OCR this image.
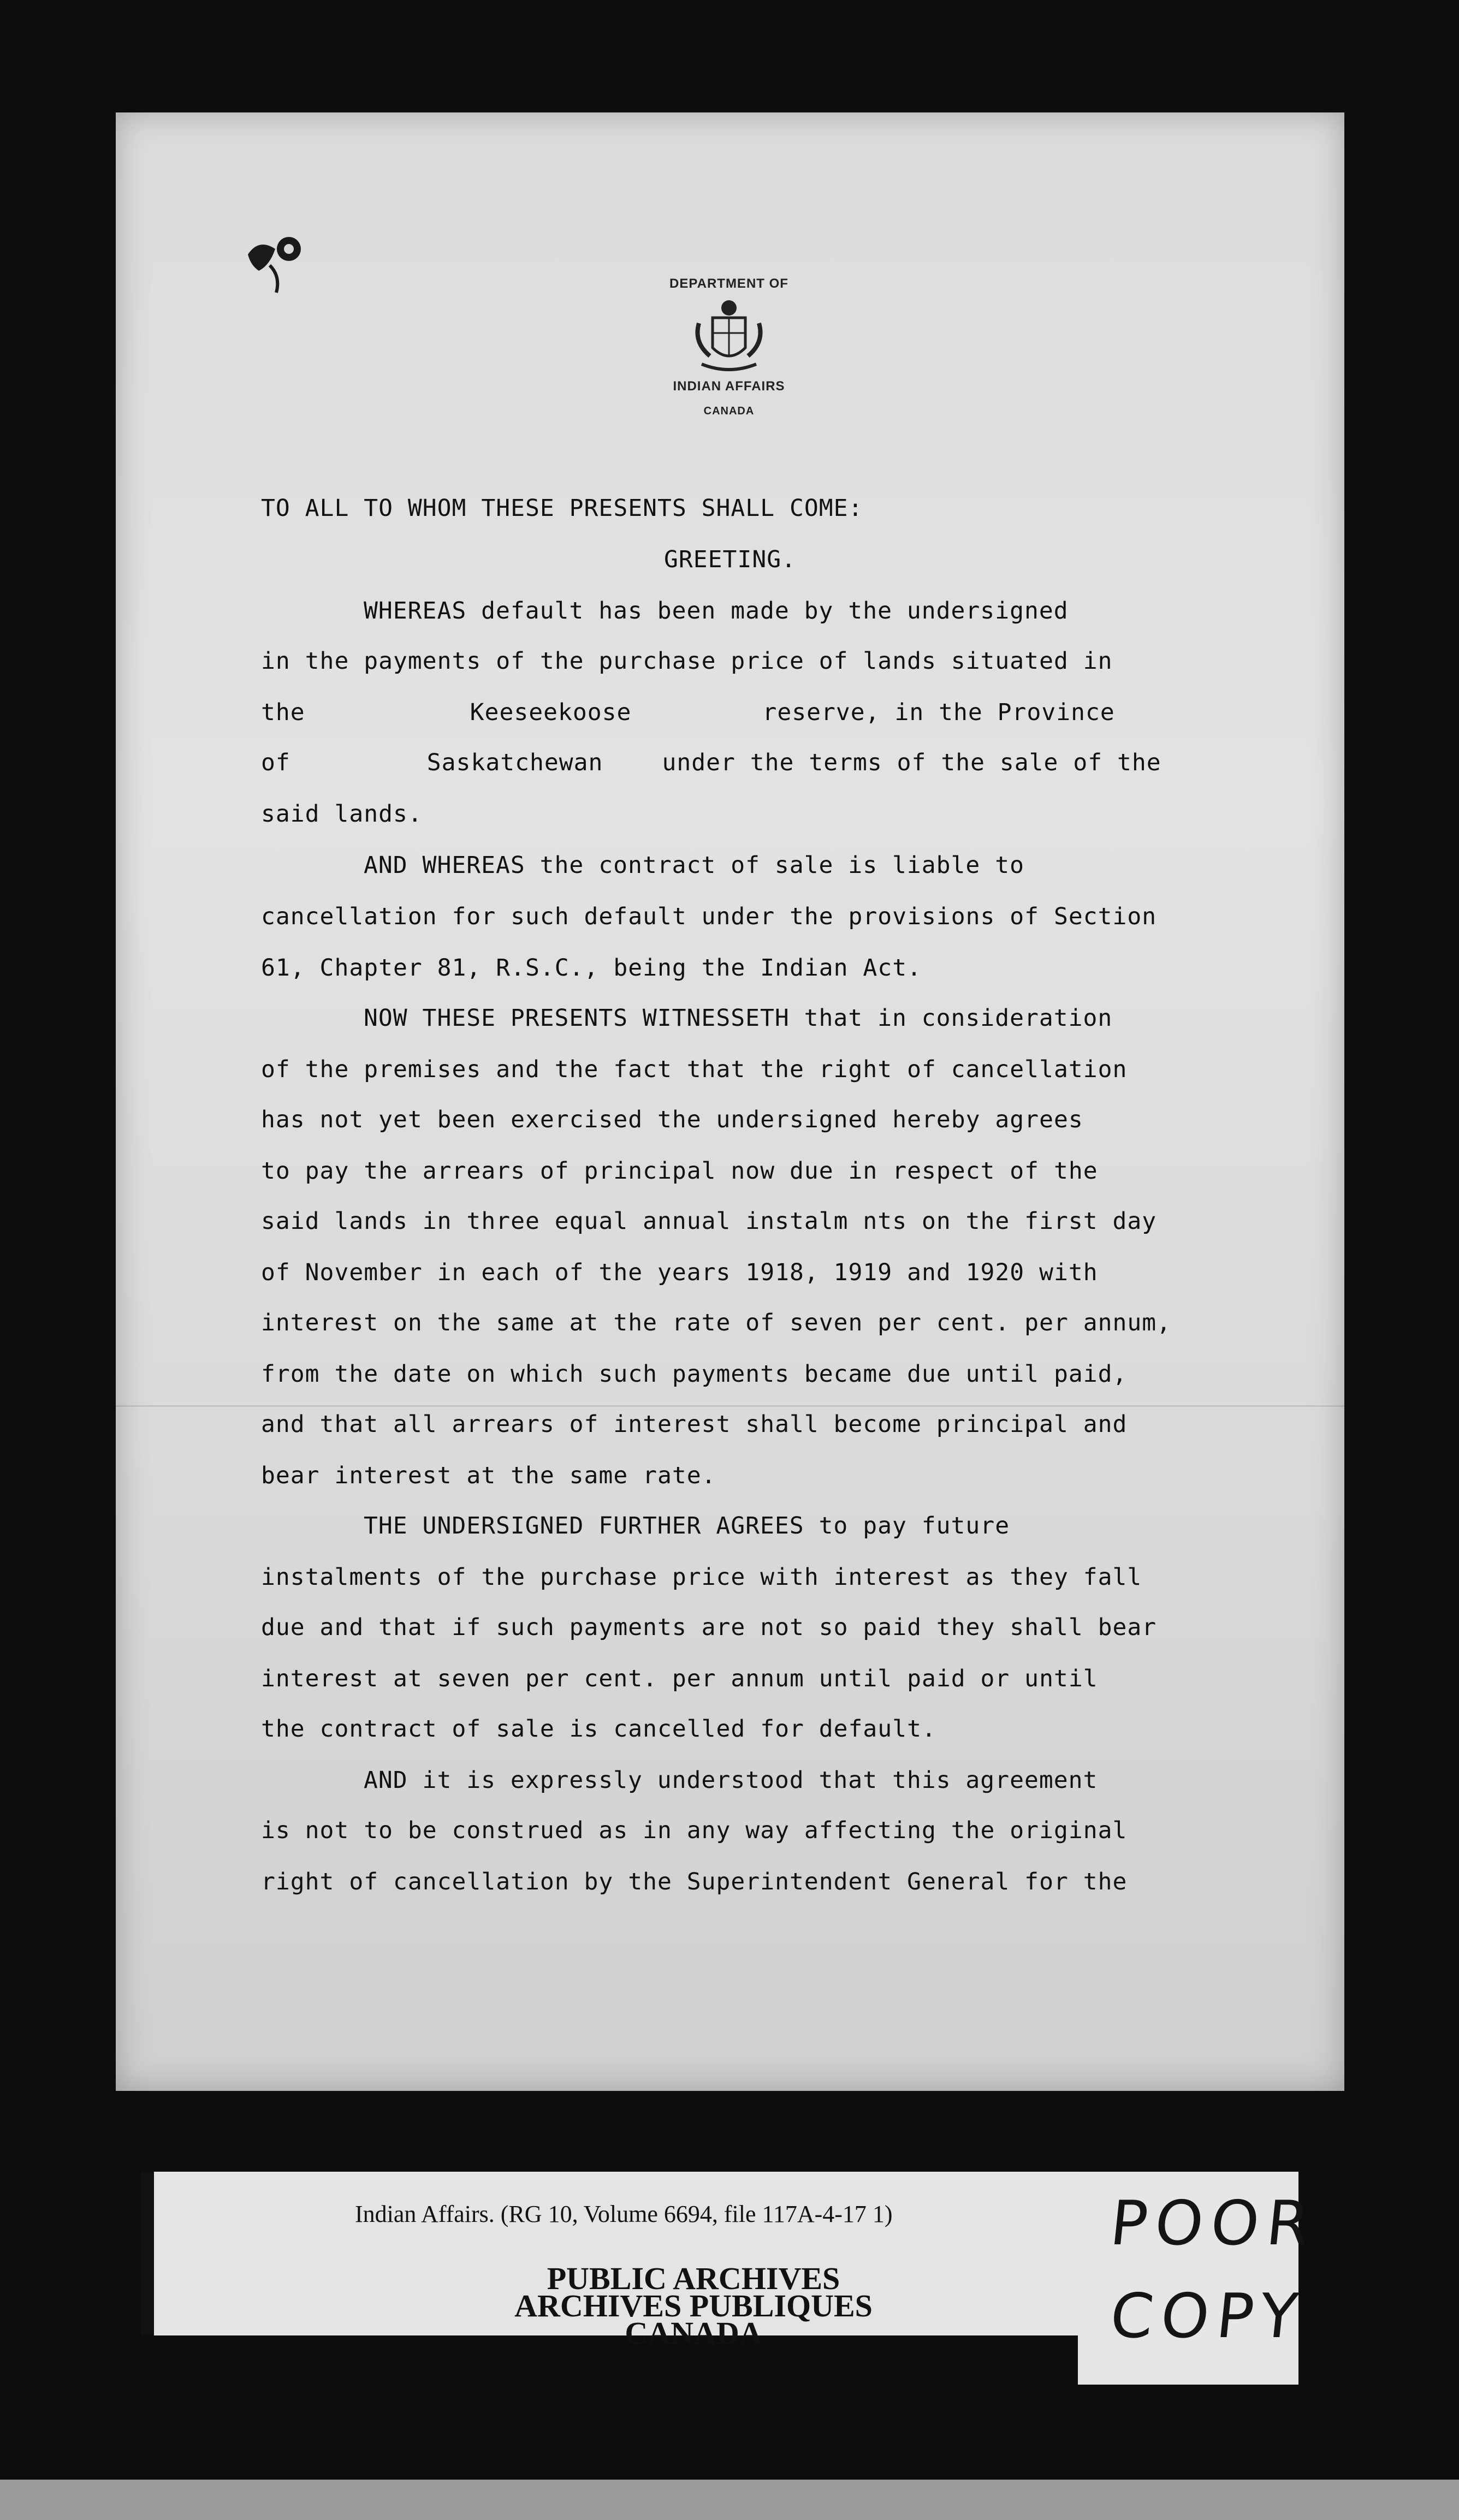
DEPARTMENT OF
INDIAN AFFAIRS
CANADA
TO ALL TO WHOM THESE PRESENTS SHALL COME:
GREETING.
WHEREAS default has been made by the undersigned
in the payments of the purchase price of lands situated in
the	Keeseekoose	reserve, in the Province
of	Saskatchewan	under the terms of the sale of the
said lands.
AND WHEREAS the contract of sale is liable to
cancellation for such default under the provisions of Section
61, Chapter 81, R.S.C., being the Indian Act.
NOW THESE PRESENTS WITNESSETH that in consideration
of the premises and the fact that the right of cancellation
has not yet been exercised the undersigned hereby agrees
to pay the arrears of principal now due in respect of the
said lands in three equal annual instalm nts on the first day
of November in each of the years 1918, 1919 and 1920 with
interest on the same at the rate of seven per cent. per annum,
from the date on which such payments became due until paid,
and that all arrears of interest shall become principal and
bear interest at the same rate.
THE UNDERSIGNED FURTHER AGREES to pay future
instalments of the purchase price with interest as they fall
due and that if such payments are not so paid they shall bear
interest at seven per cent. per annum until paid or until
the contract of sale is cancelled for default.
AND it is expressly understood that this agreement
is not to be construed as in any way affecting the original
right of cancellation by the Superintendent General for the
Indian Affairs. (RG 10, Volume 6694, file 117A-4-17 1)
PUBLIC ARCHIVES
ARCHIVES PUBLIQUES
CANADA
POOR
COPY
